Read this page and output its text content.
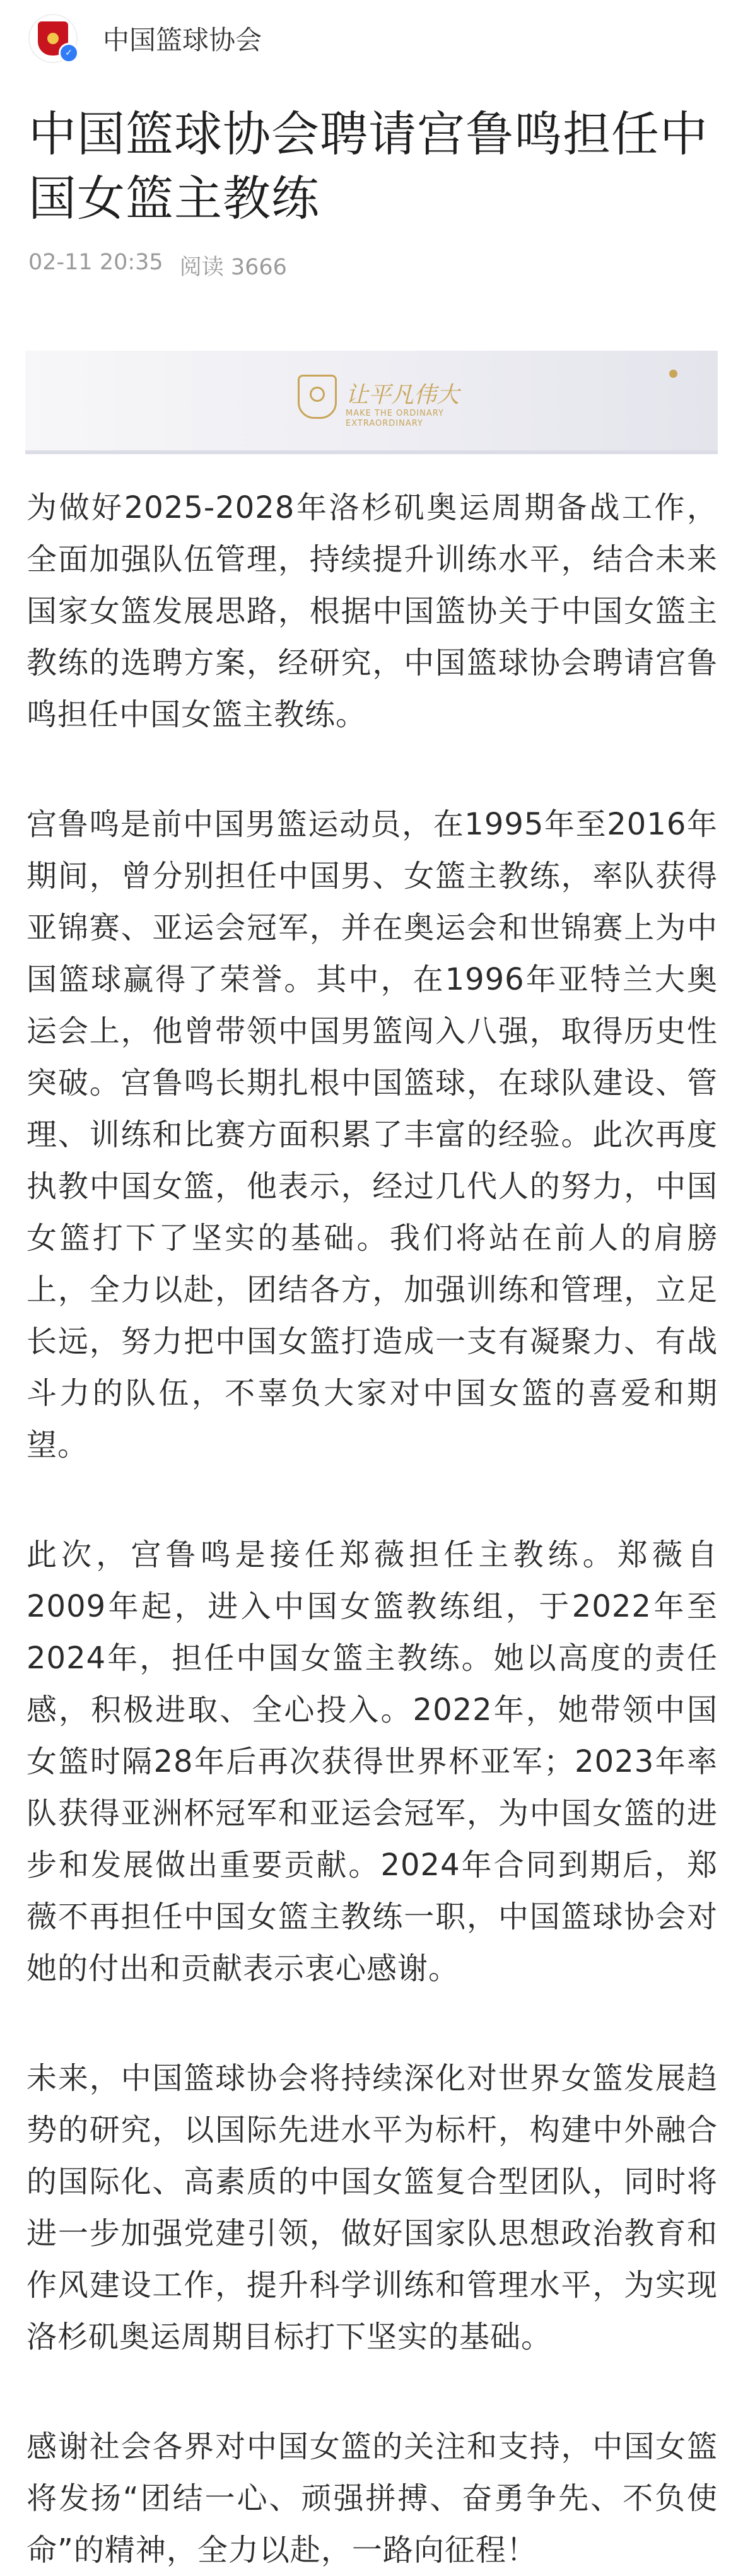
✓ 中国篮球协会
中国篮球协会聘请宫鲁鸣担任中国女篮主教练
02-11 20:35 阅读 3666
让平凡伟大
MAKE THE ORDINARY EXTRAORDINARY

为做好2025-2028年洛杉矶奥运周期备战工作，全面加强队伍管理，持续提升训练水平，结合未来国家女篮发展思路，根据中国篮协关于中国女篮主教练的选聘方案，经研究，中国篮球协会聘请宫鲁鸣担任中国女篮主教练。

宫鲁鸣是前中国男篮运动员，在1995年至2016年期间，曾分别担任中国男、女篮主教练，率队获得亚锦赛、亚运会冠军，并在奥运会和世锦赛上为中国篮球赢得了荣誉。其中，在1996年亚特兰大奥运会上，他曾带领中国男篮闯入八强，取得历史性突破。宫鲁鸣长期扎根中国篮球，在球队建设、管理、训练和比赛方面积累了丰富的经验。此次再度执教中国女篮，他表示，经过几代人的努力，中国女篮打下了坚实的基础。我们将站在前人的肩膀上，全力以赴，团结各方，加强训练和管理，立足长远，努力把中国女篮打造成一支有凝聚力、有战斗力的队伍，不辜负大家对中国女篮的喜爱和期望。

此次，宫鲁鸣是接任郑薇担任主教练。郑薇自2009年起，进入中国女篮教练组，于2022年至2024年，担任中国女篮主教练。她以高度的责任感，积极进取、全心投入。2022年，她带领中国女篮时隔28年后再次获得世界杯亚军；2023年率队获得亚洲杯冠军和亚运会冠军，为中国女篮的进步和发展做出重要贡献。2024年合同到期后，郑薇不再担任中国女篮主教练一职，中国篮球协会对她的付出和贡献表示衷心感谢。

未来，中国篮球协会将持续深化对世界女篮发展趋势的研究，以国际先进水平为标杆，构建中外融合的国际化、高素质的中国女篮复合型团队，同时将进一步加强党建引领，做好国家队思想政治教育和作风建设工作，提升科学训练和管理水平，为实现洛杉矶奥运周期目标打下坚实的基础。

感谢社会各界对中国女篮的关注和支持，中国女篮将发扬“团结一心、顽强拼搏、奋勇争先、不负使命”的精神，全力以赴，一路向征程！
